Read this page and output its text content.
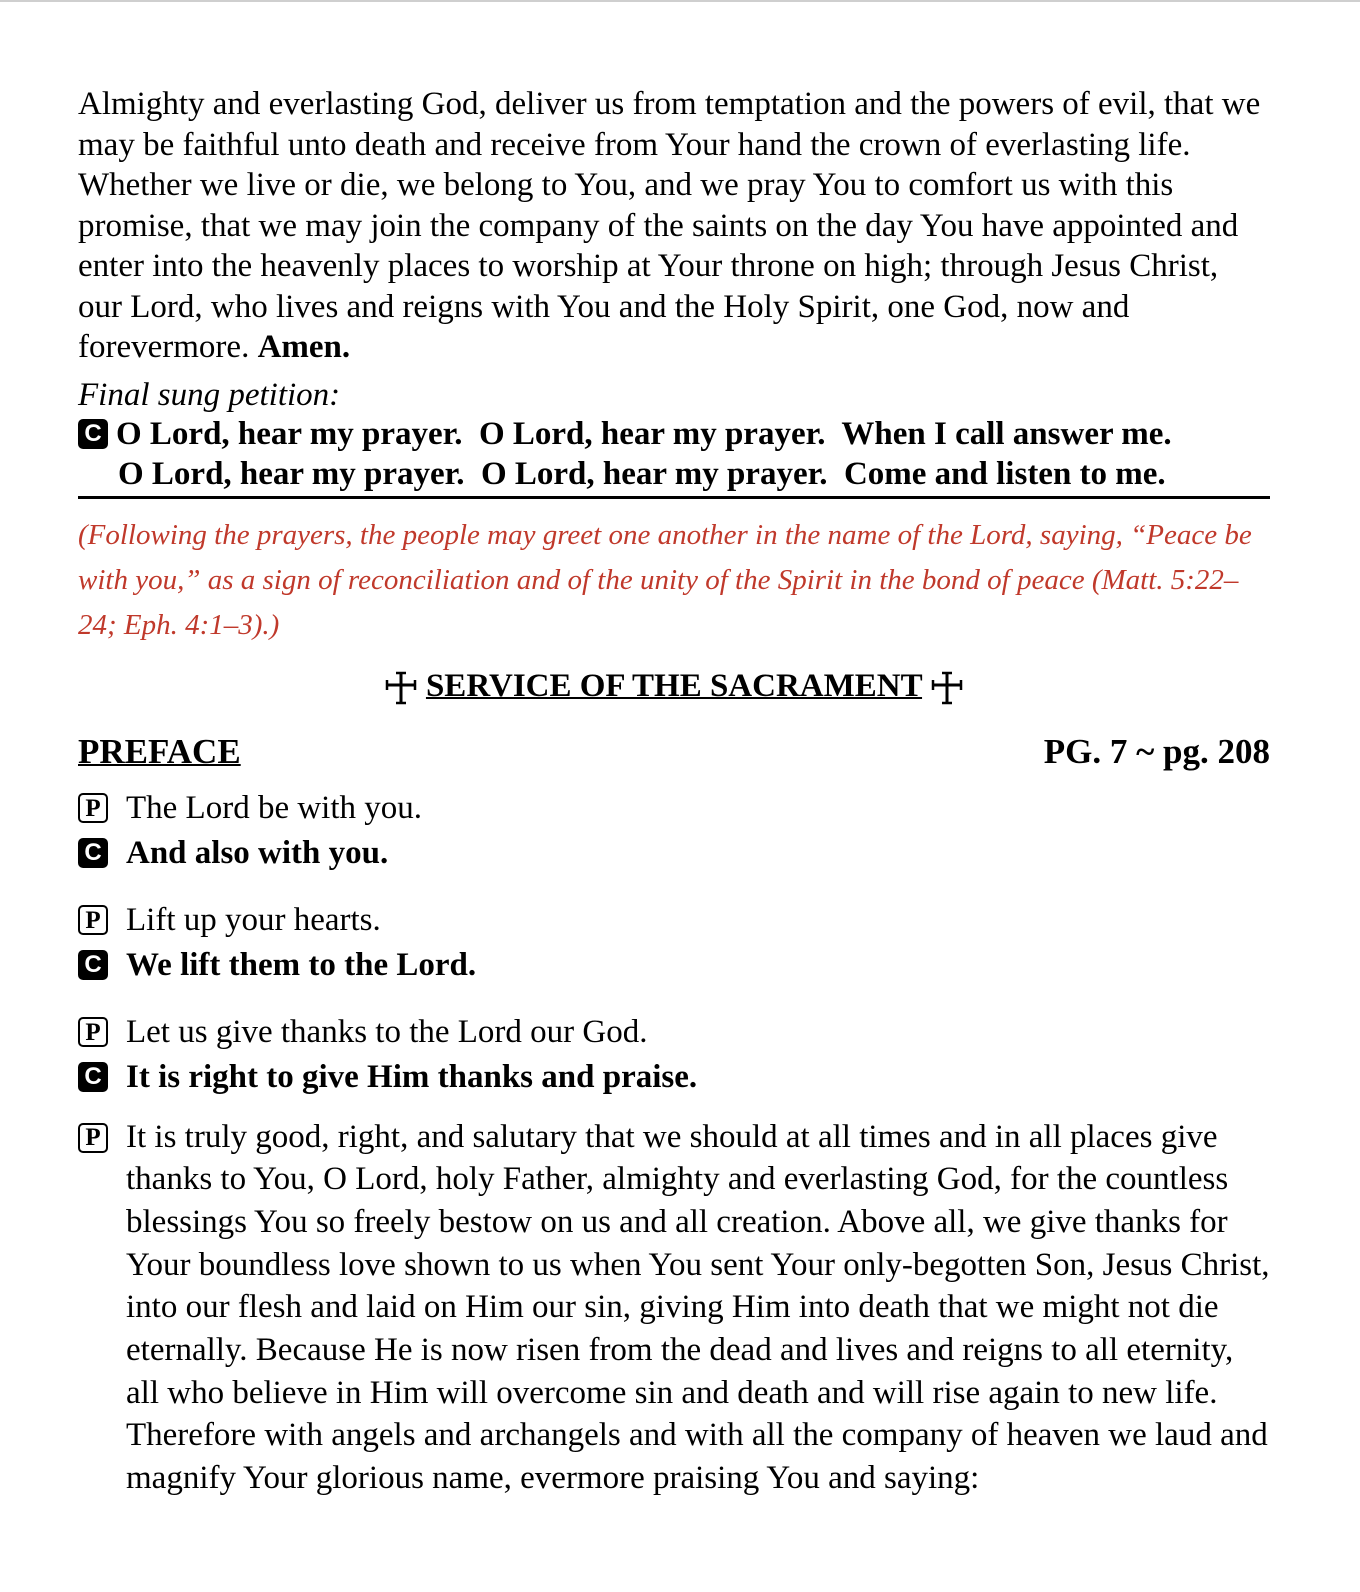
Almighty and everlasting God, deliver us from temptation and the powers of evil, that we may be faithful unto death and receive from Your hand the crown of everlasting life. Whether we live or die, we belong to You, and we pray You to comfort us with this promise, that we may join the company of the saints on the day You have appointed and enter into the heavenly places to worship at Your throne on high; through Jesus Christ, our Lord, who lives and reigns with You and the Holy Spirit, one God, now and forevermore. Amen.

Final sung petition:
C O Lord, hear my prayer.  O Lord, hear my prayer.  When I call answer me.
O Lord, hear my prayer.  O Lord, hear my prayer.  Come and listen to me.
(Following the prayers, the people may greet one another in the name of the Lord, saying, “Peace be with you,” as a sign of reconciliation and of the unity of the Spirit in the bond of peace (Matt. 5:22–24; Eph. 4:1–3).)
SERVICE OF THE SACRAMENT
PREFACE	PG. 7 ~ pg. 208
P The Lord be with you.
C And also with you.
P Lift up your hearts.
C We lift them to the Lord.
P Let us give thanks to the Lord our God.
C It is right to give Him thanks and praise.
P It is truly good, right, and salutary that we should at all times and in all places give thanks to You, O Lord, holy Father, almighty and everlasting God, for the countless blessings You so freely bestow on us and all creation. Above all, we give thanks for Your boundless love shown to us when You sent Your only-begotten Son, Jesus Christ, into our flesh and laid on Him our sin, giving Him into death that we might not die eternally. Because He is now risen from the dead and lives and reigns to all eternity, all who believe in Him will overcome sin and death and will rise again to new life. Therefore with angels and archangels and with all the company of heaven we laud and magnify Your glorious name, evermore praising You and saying:
